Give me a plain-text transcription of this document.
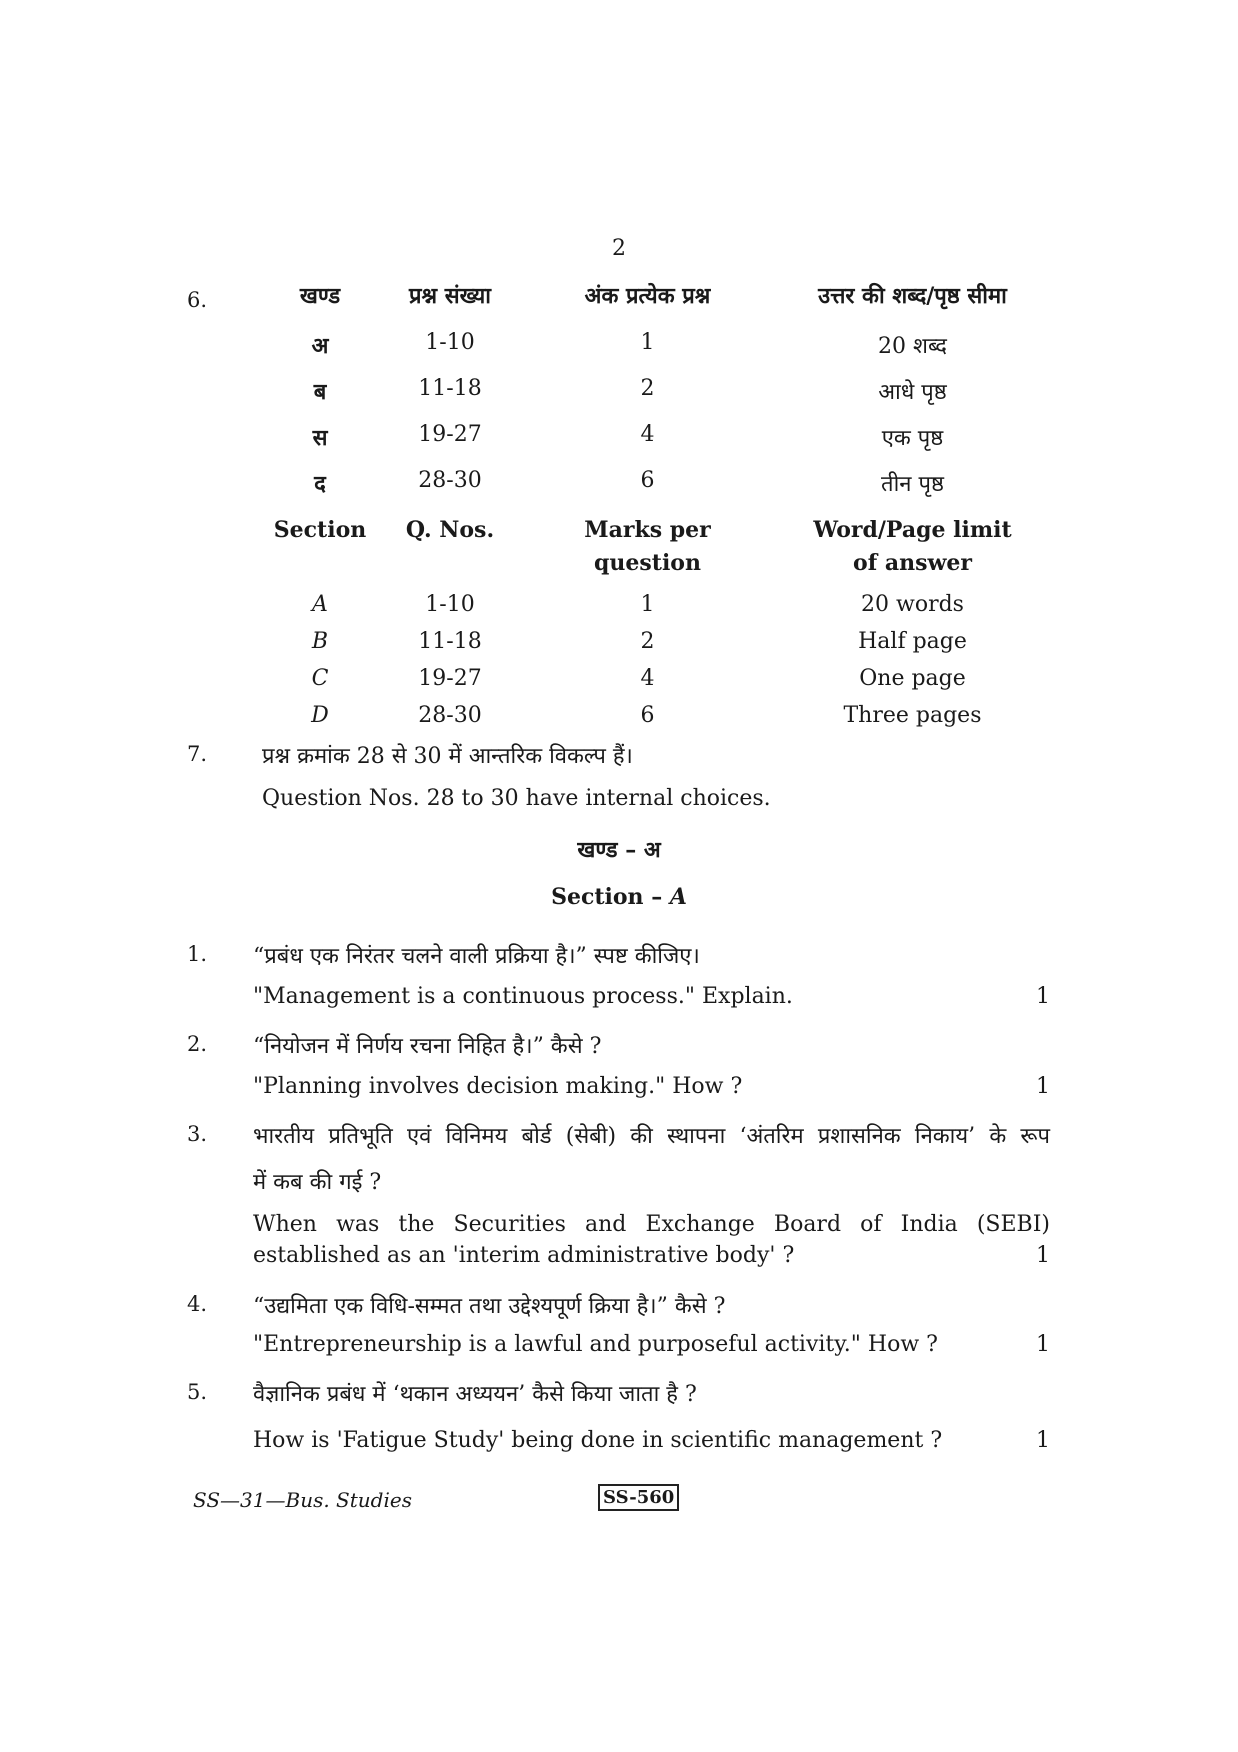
2
6.	खण्ड	प्रश्न संख्या	अंक प्रत्येक प्रश्न	उत्तर की शब्द/पृष्ठ सीमा
अ	1-10	1	20 शब्द
ब	11-18	2	आधे पृष्ठ
स	19-27	4	एक पृष्ठ
द	28-30	6	तीन पृष्ठ
Section	Q. Nos.	Marks per question	Word/Page limit of answer

A	1-10	1	20 words
B	11-18	2	Half page
C	19-27	4	One page
D	28-30	6	Three pages
7. प्रश्न क्रमांक 28 से 30 में आन्तरिक विकल्प हैं।
Question Nos. 28 to 30 have internal choices.
खण्ड – अ
Section – A
1. “प्रबंध एक निरंतर चलने वाली प्रक्रिया है।” स्पष्ट कीजिए।
"Management is a continuous process." Explain.	1
2. “नियोजन में निर्णय रचना निहित है।” कैसे ?
"Planning involves decision making." How ?	1
3. भारतीय प्रतिभूति एवं विनिमय बोर्ड (सेबी) की स्थापना ‘अंतरिम प्रशासनिक निकाय’ के रूप
में कब की गई ?
When was the Securities and Exchange Board of India (SEBI)
established as an 'interim administrative body' ?	1
4. “उद्यमिता एक विधि-सम्मत तथा उद्देश्यपूर्ण क्रिया है।” कैसे ?
"Entrepreneurship is a lawful and purposeful activity." How ?	1
5. वैज्ञानिक प्रबंध में ‘थकान अध्ययन’ कैसे किया जाता है ?
How is 'Fatigue Study' being done in scientific management ?	1
SS—31—Bus. Studies	SS-560
